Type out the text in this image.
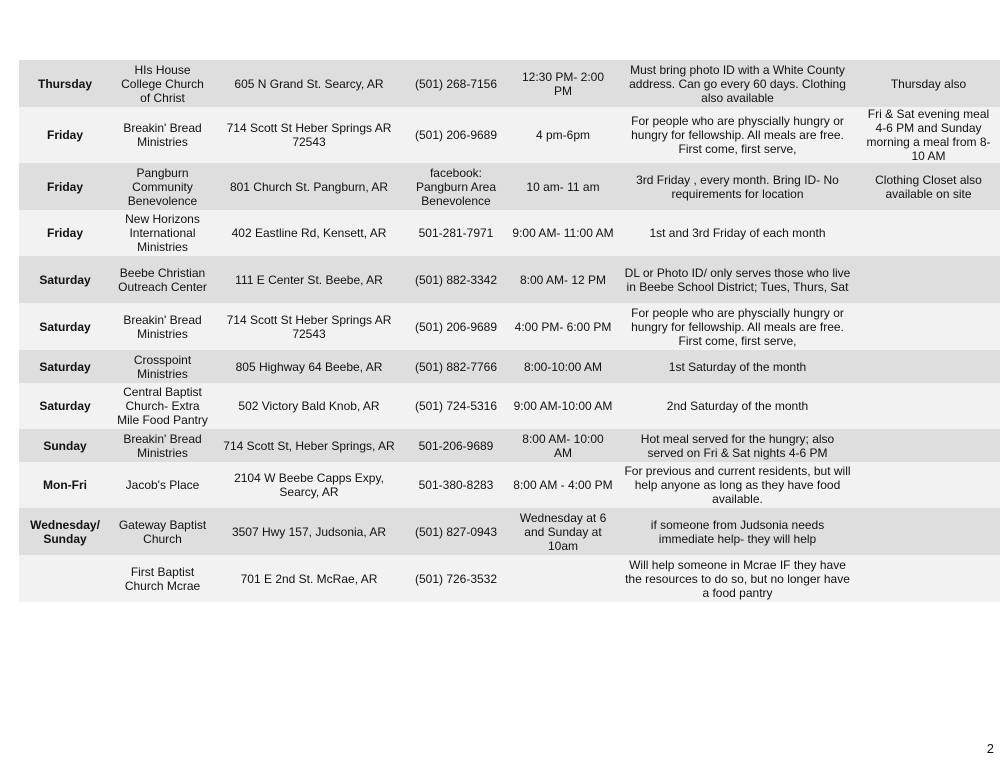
Thursday	HIs House College Church of Christ	605 N Grand St. Searcy, AR	(501) 268-7156	12:30 PM- 2:00 PM	Must bring photo ID with a White County address. Can go every 60 days. Clothing also available	Thursday also
Friday	Breakin' Bread Ministries	714 Scott St Heber Springs AR 72543	(501) 206-9689	4 pm-6pm	For people who are physcially hungry or hungry for fellowship. All meals are free. First come, first serve,	Fri & Sat evening meal 4-6 PM and Sunday morning a meal from 8-10 AM
Friday	Pangburn Community Benevolence	801 Church St. Pangburn, AR	facebook: Pangburn Area Benevolence	10 am- 11 am	3rd Friday , every month. Bring ID- No requirements for location	Clothing Closet also available on site
Friday	New Horizons International Ministries	402 Eastline Rd, Kensett, AR	501-281-7971	9:00 AM- 11:00 AM	1st and 3rd Friday of each month	
Saturday	Beebe Christian Outreach Center	111 E Center St. Beebe, AR	(501) 882-3342	8:00 AM- 12 PM	DL or Photo ID/ only serves those who live in Beebe School District; Tues, Thurs, Sat	
Saturday	Breakin' Bread Ministries	714 Scott St Heber Springs AR 72543	(501) 206-9689	4:00 PM- 6:00 PM	For people who are physcially hungry or hungry for fellowship. All meals are free. First come, first serve,	
Saturday	Crosspoint Ministries	805 Highway 64 Beebe, AR	(501) 882-7766	8:00-10:00 AM	1st Saturday of the month	
Saturday	Central Baptist Church- Extra Mile Food Pantry	502 Victory Bald Knob, AR	(501) 724-5316	9:00 AM-10:00 AM	2nd Saturday of the month	
Sunday	Breakin' Bread Ministries	714 Scott St, Heber Springs, AR	501-206-9689	8:00 AM- 10:00 AM	Hot meal served for the hungry; also served on Fri & Sat nights 4-6 PM	
Mon-Fri	Jacob's Place	2104 W Beebe Capps Expy, Searcy, AR	501-380-8283	8:00 AM - 4:00 PM	For previous and current residents, but will help anyone as long as they have food available.	
Wednesday/ Sunday	Gateway Baptist Church	3507 Hwy 157, Judsonia, AR	(501) 827-0943	Wednesday at 6 and Sunday at 10am	if someone from Judsonia needs immediate help- they will help	
	First Baptist Church Mcrae	701 E 2nd St. McRae, AR	(501) 726-3532		Will help someone in Mcrae IF they have the resources to do so, but no longer have a food pantry	
2
